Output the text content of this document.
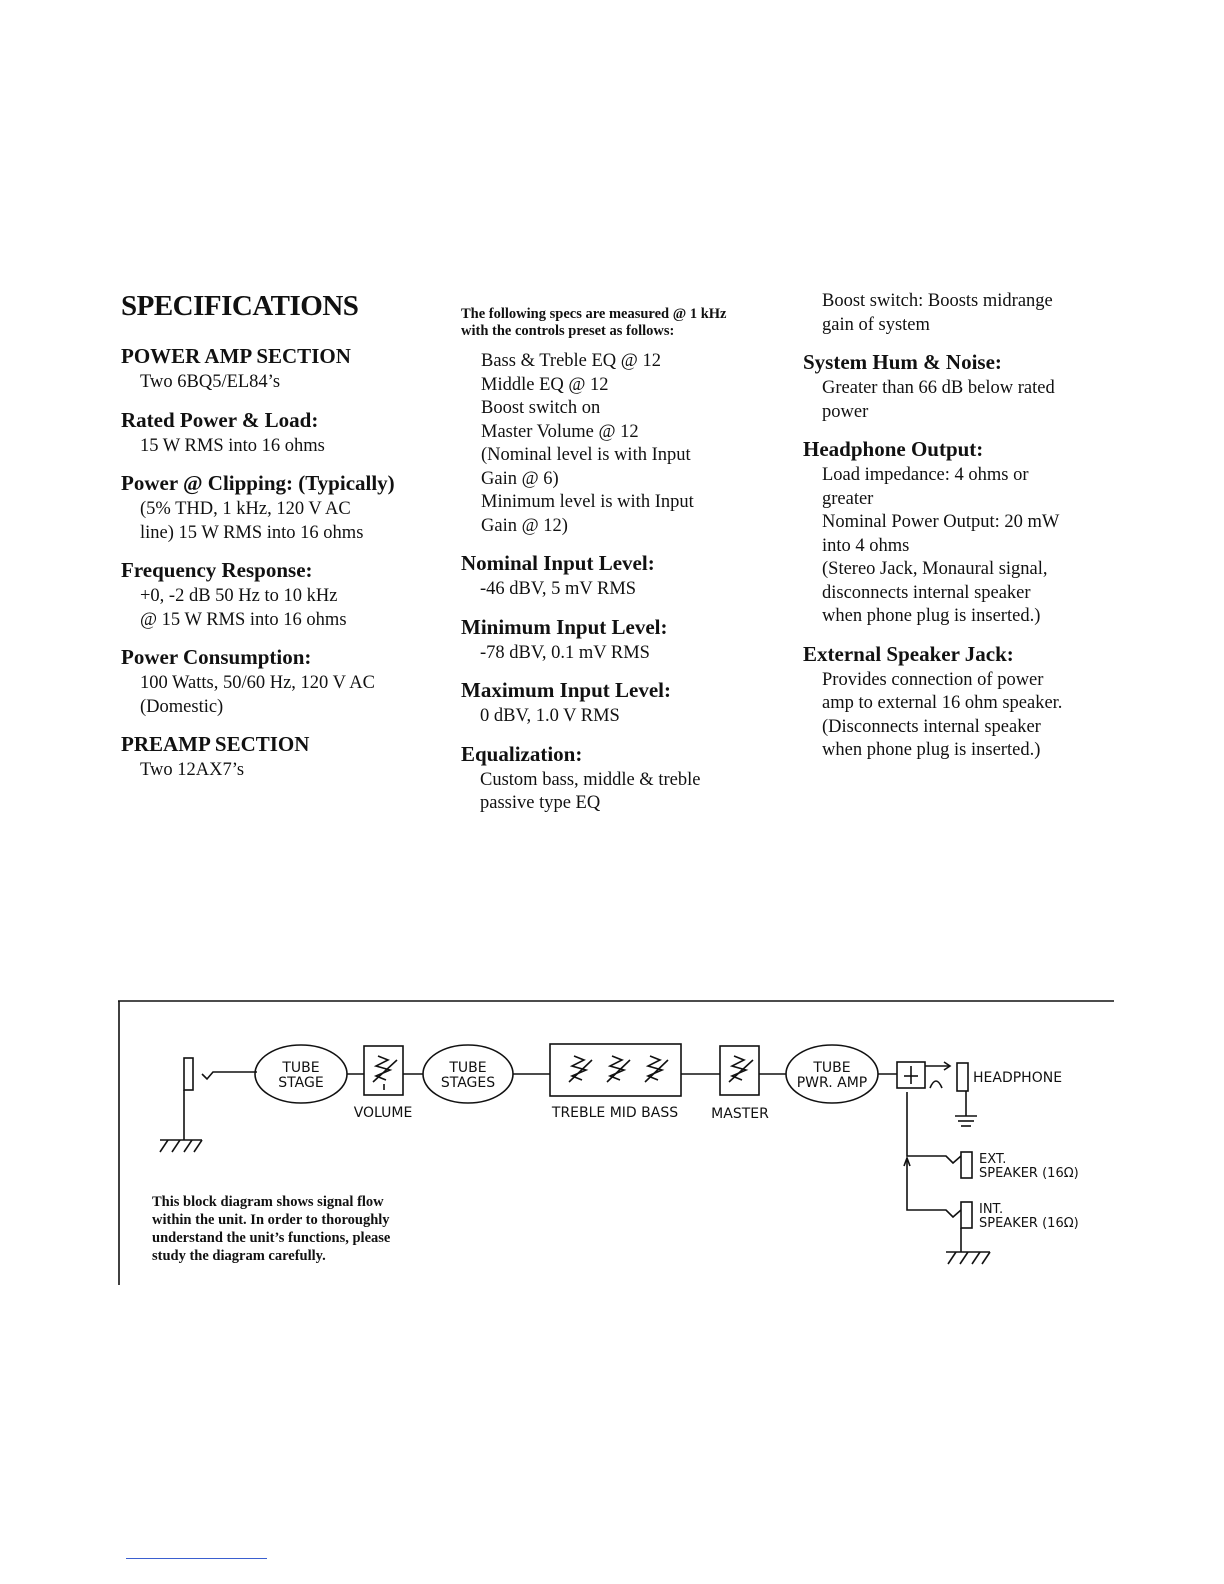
SPECIFICATIONS
POWER AMP SECTION
Two 6BQ5/EL84’s
Rated Power & Load:
15 W RMS into 16 ohms
Power @ Clipping: (Typically)
(5% THD, 1 kHz, 120 V AC
line) 15 W RMS into 16 ohms
Frequency Response:
+0, -2 dB 50 Hz to 10 kHz
@ 15 W RMS into 16 ohms
Power Consumption:
100 Watts, 50/60 Hz, 120 V AC
(Domestic)
PREAMP SECTION
Two 12AX7’s
The following specs are measured @ 1 kHz
with the controls preset as follows:
Bass & Treble EQ @ 12
Middle EQ @ 12
Boost switch on
Master Volume @ 12
(Nominal level is with Input
Gain @ 6)
Minimum level is with Input
Gain @ 12)
Nominal Input Level:
-46 dBV, 5 mV RMS
Minimum Input Level:
-78 dBV, 0.1 mV RMS
Maximum Input Level:
0 dBV, 1.0 V RMS
Equalization:
Custom bass, middle & treble
passive type EQ
Boost switch: Boosts midrange
gain of system
System Hum & Noise:
Greater than 66 dB below rated
power
Headphone Output:
Load impedance: 4 ohms or
greater
Nominal Power Output: 20 mW
into 4 ohms
(Stereo Jack, Monaural signal,
disconnects internal speaker
when phone plug is inserted.)
External Speaker Jack:
Provides connection of power
amp to external 16 ohm speaker.
(Disconnects internal speaker
when phone plug is inserted.)
TUBE
STAGE
TUBE
STAGES
TUBE
PWR. AMP
VOLUME	TREBLE MID BASS MASTER
HEADPHONE
EXT.
SPEAKER (16Ω)
INT.
SPEAKER (16Ω)
This block diagram shows signal flow
within the unit. In order to thoroughly
understand the unit’s functions, please
study the diagram carefully.
